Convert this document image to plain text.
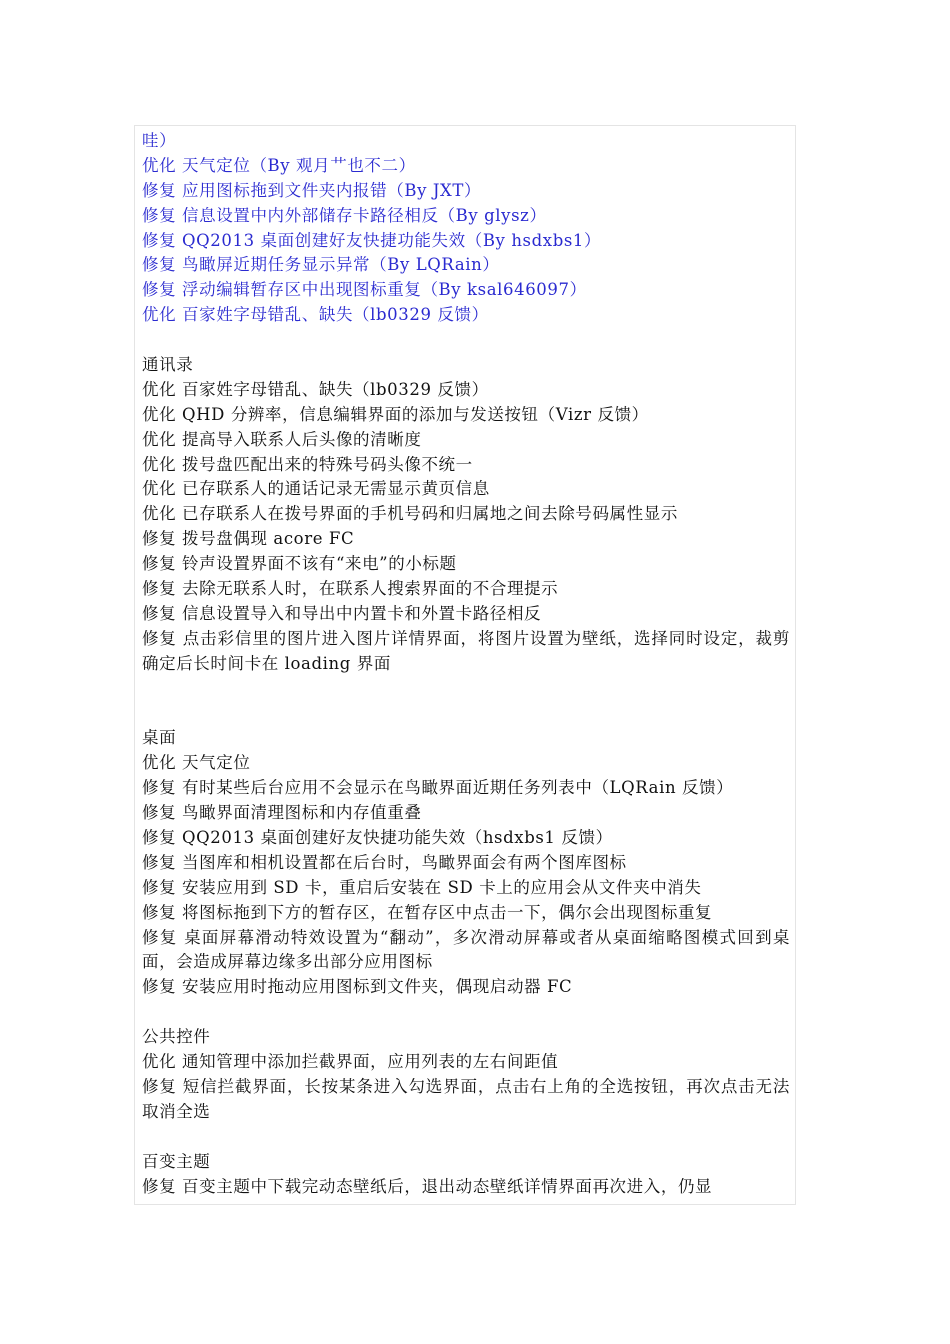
哇）
优化 天气定位（By 观月艹也不二）
修复 应用图标拖到文件夹内报错（By JXT）
修复 信息设置中内外部储存卡路径相反（By glysz）
修复 QQ2013 桌面创建好友快捷功能失效（By hsdxbs1）
修复 鸟瞰屏近期任务显示异常（By LQRain）
修复 浮动编辑暂存区中出现图标重复（By ksal646097）
优化 百家姓字母错乱、缺失（lb0329 反馈）
通讯录
优化 百家姓字母错乱、缺失（lb0329 反馈）
优化 QHD 分辨率，信息编辑界面的添加与发送按钮（Vizr 反馈）
优化 提高导入联系人后头像的清晰度
优化 拨号盘匹配出来的特殊号码头像不统一
优化 已存联系人的通话记录无需显示黄页信息
优化 已存联系人在拨号界面的手机号码和归属地之间去除号码属性显示
修复 拨号盘偶现 acore FC
修复 铃声设置界面不该有“来电”的小标题
修复 去除无联系人时，在联系人搜索界面的不合理提示
修复 信息设置导入和导出中内置卡和外置卡路径相反
修复 点击彩信里的图片进入图片详情界面，将图片设置为壁纸，选择同时设定，裁剪确定后长时间卡在 loading 界面
桌面
优化 天气定位
修复 有时某些后台应用不会显示在鸟瞰界面近期任务列表中（LQRain 反馈）
修复 鸟瞰界面清理图标和内存值重叠
修复 QQ2013 桌面创建好友快捷功能失效（hsdxbs1 反馈）
修复 当图库和相机设置都在后台时，鸟瞰界面会有两个图库图标
修复 安装应用到 SD 卡，重启后安装在 SD 卡上的应用会从文件夹中消失
修复 将图标拖到下方的暂存区，在暂存区中点击一下，偶尔会出现图标重复
修复 桌面屏幕滑动特效设置为“翻动”，多次滑动屏幕或者从桌面缩略图模式回到桌面，会造成屏幕边缘多出部分应用图标
修复 安装应用时拖动应用图标到文件夹，偶现启动器 FC
公共控件
优化 通知管理中添加拦截界面，应用列表的左右间距值
修复 短信拦截界面，长按某条进入勾选界面，点击右上角的全选按钮，再次点击无法取消全选
百变主题
修复 百变主题中下载完动态壁纸后，退出动态壁纸详情界面再次进入，仍显
